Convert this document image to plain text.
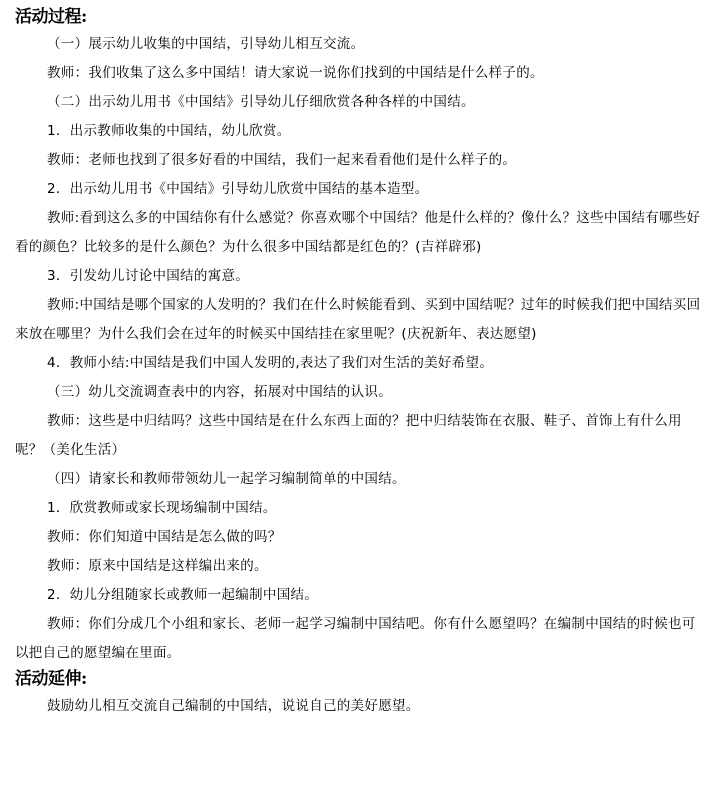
活动过程:

（一）展示幼儿收集的中国结，引导幼儿相互交流。

教师：我们收集了这么多中国结！请大家说一说你们找到的中国结是什么样子的。

（二）出示幼儿用书《中国结》引导幼儿仔细欣赏各种各样的中国结。

1．出示教师收集的中国结，幼儿欣赏。

教师：老师也找到了很多好看的中国结，我们一起来看看他们是什么样子的。

2．出示幼儿用书《中国结》引导幼儿欣赏中国结的基本造型。

教师:看到这么多的中国结你有什么感觉？你喜欢哪个中国结？他是什么样的？像什么？这些中国结有哪些好看的颜色？比较多的是什么颜色？为什么很多中国结都是红色的？(吉祥辟邪)

3．引发幼儿讨论中国结的寓意。

教师:中国结是哪个国家的人发明的？我们在什么时候能看到、买到中国结呢？过年的时候我们把中国结买回来放在哪里？为什么我们会在过年的时候买中国结挂在家里呢？(庆祝新年、表达愿望)

4．教师小结:中国结是我们中国人发明的,表达了我们对生活的美好希望。

（三）幼儿交流调查表中的内容，拓展对中国结的认识。

教师：这些是中归结吗？这些中国结是在什么东西上面的？把中归结装饰在衣服、鞋子、首饰上有什么用呢？（美化生活）

（四）请家长和教师带领幼儿一起学习编制简单的中国结。

1．欣赏教师或家长现场编制中国结。

教师：你们知道中国结是怎么做的吗？

教师：原来中国结是这样编出来的。

2．幼儿分组随家长或教师一起编制中国结。

教师：你们分成几个小组和家长、老师一起学习编制中国结吧。你有什么愿望吗？在编制中国结的时候也可以把自己的愿望编在里面。

活动延伸:

鼓励幼儿相互交流自己编制的中国结，说说自己的美好愿望。
